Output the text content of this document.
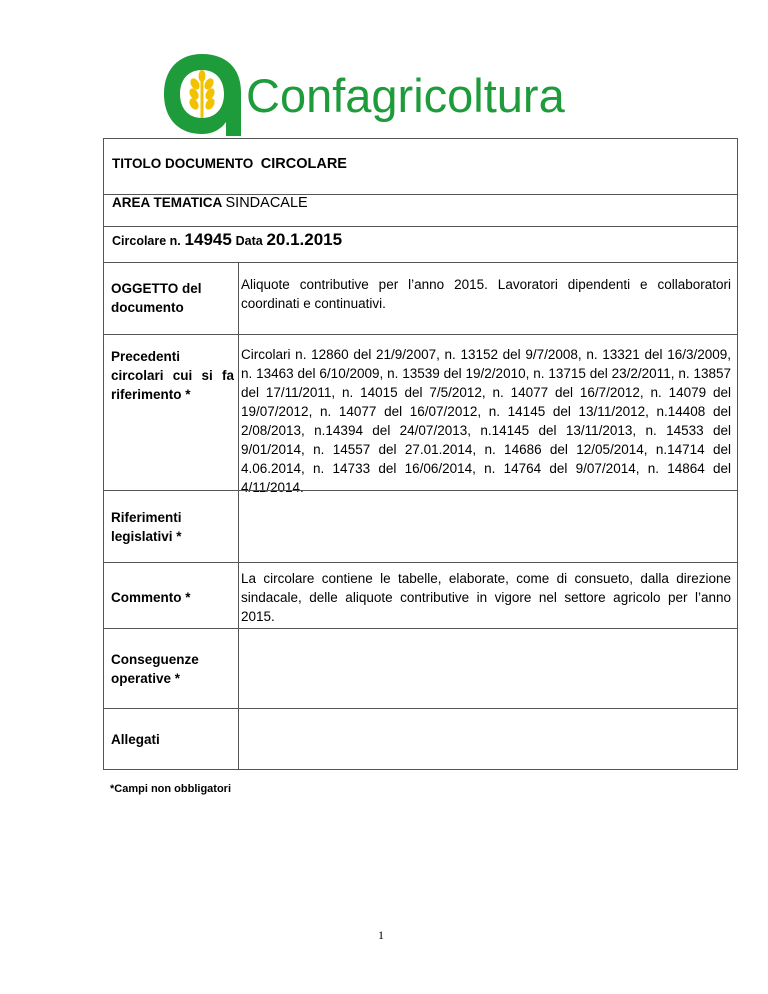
Confagricoltura
TITOLO DOCUMENTO CIRCOLARE
AREA TEMATICA SINDACALE
Circolare n. 14945 Data 20.1.2015
OGGETTO del documento
Aliquote contributive per l’anno 2015. Lavoratori dipendenti e collaboratori coordinati e continuativi.
Precedenti circolari cui si fa riferimento *
Circolari n. 12860 del 21/9/2007, n. 13152 del 9/7/2008, n. 13321 del 16/3/2009, n. 13463 del 6/10/2009, n. 13539 del 19/2/2010, n. 13715 del 23/2/2011, n. 13857 del 17/11/2011, n. 14015 del 7/5/2012, n. 14077 del 16/7/2012, n. 14079 del 19/07/2012, n. 14077 del 16/07/2012, n. 14145 del 13/11/2012, n.14408 del 2/08/2013, n.14394 del 24/07/2013, n.14145 del 13/11/2013, n. 14533 del 9/01/2014, n. 14557 del 27.01.2014, n. 14686 del 12/05/2014, n.14714 del 4.06.2014, n. 14733 del 16/06/2014, n. 14764 del 9/07/2014, n. 14864 del 4/11/2014.
Riferimenti legislativi *
Commento *
La circolare contiene le tabelle, elaborate, come di consueto, dalla direzione sindacale, delle aliquote contributive in vigore nel settore agricolo per l’anno 2015.
Conseguenze operative *
Allegati
*Campi non obbligatori
1
